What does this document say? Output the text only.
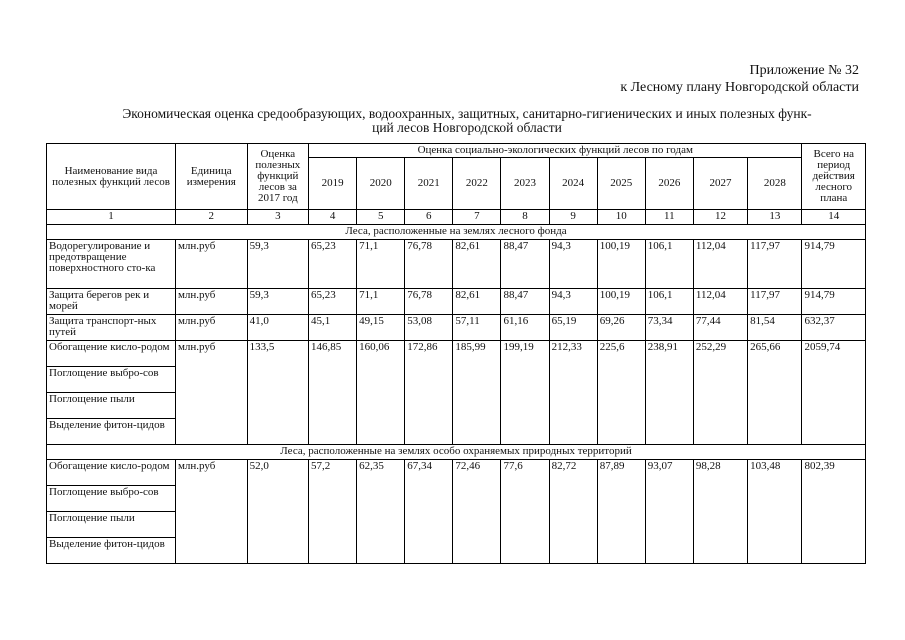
Приложение № 32
к Лесному плану Новгородской области
Экономическая оценка средообразующих, водоохранных, защитных, санитарно-гигиенических и иных полезных функ-
ций лесов Новгородской области
Наименование вида полезных функций лесов	Единица измерения	Оценка полезных функций лесов за 2017 год	Оценка социально-экологических функций лесов по годам										Всего на период действия лесного плана
			2019	2020	2021	2022	2023	2024	2025	2026	2027	2028	
1	2	3	4	5	6	7	8	9	10	11	12	13	14
Леса, расположенные на землях лесного фонда													
Водорегулирование и предотвращение поверхностного сто-ка	млн.руб	59,3	65,23	71,1	76,78	82,61	88,47	94,3	100,19	106,1	112,04	117,97	914,79
Защита берегов рек и морей	млн.руб	59,3	65,23	71,1	76,78	82,61	88,47	94,3	100,19	106,1	112,04	117,97	914,79
Защита транспорт-ных путей	млн.руб	41,0	45,1	49,15	53,08	57,11	61,16	65,19	69,26	73,34	77,44	81,54	632,37
Обогащение кисло-родом	млн.руб	133,5	146,85	160,06	172,86	185,99	199,19	212,33	225,6	238,91	252,29	265,66	2059,74
Поглощение выбро-сов													
Поглощение пыли													
Выделение фитон-цидов													
Леса, расположенные на землях особо охраняемых природных территорий													
Обогащение кисло-родом	млн.руб	52,0	57,2	62,35	67,34	72,46	77,6	82,72	87,89	93,07	98,28	103,48	802,39
Поглощение выбро-сов													
Поглощение пыли													
Выделение фитон-цидов													
